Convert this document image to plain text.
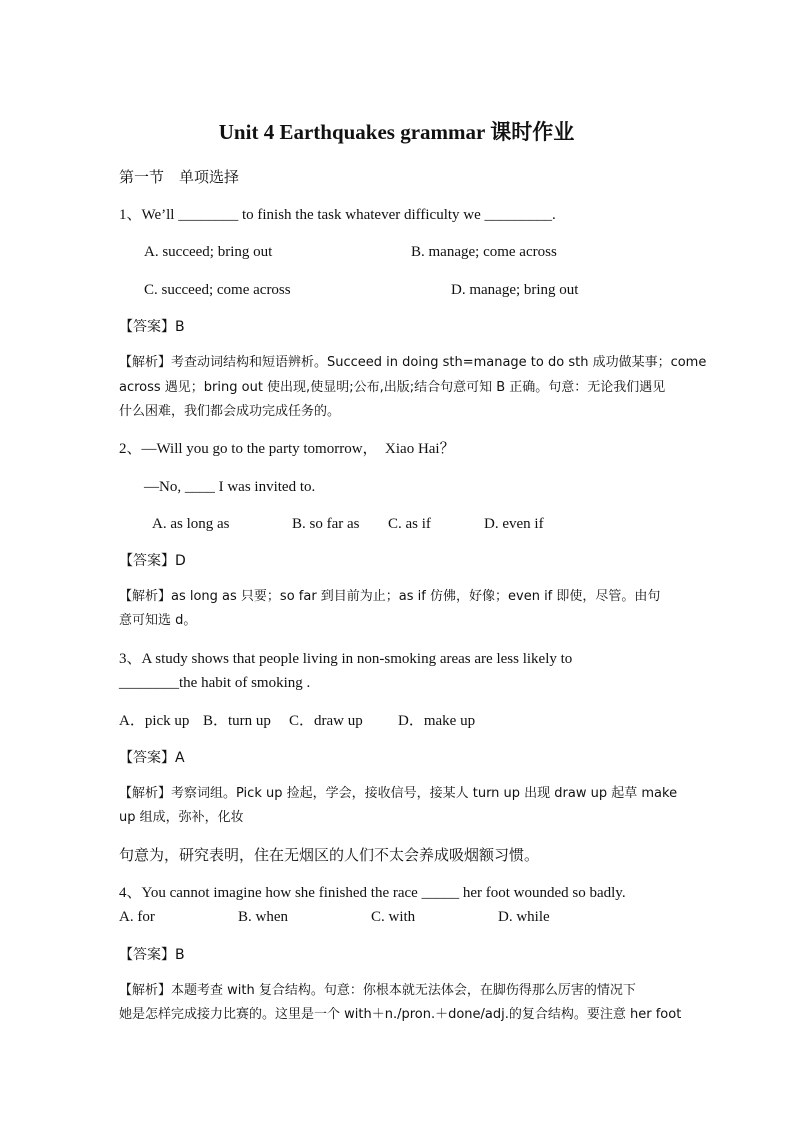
Unit 4 Earthquakes grammar 课时作业
第一节　单项选择
1、We’ll ________ to finish the task whatever difficulty we _________.
A. succeed; bring out	B. manage; come across
C. succeed; come across	D. manage; bring out
【答案】B
【解析】考查动词结构和短语辨析。Succeed in doing sth=manage to do sth 成功做某事；come
across 遇见；bring out 使出现,使显明;公布,出版;结合句意可知 B 正确。句意：无论我们遇见
什么困难，我们都会成功完成任务的。
2、—Will you go to the party tomorrow，　Xiao Hai？
—No, ____ I was invited to.
A. as long as	B. so far as C. as if	D. even if
【答案】D
【解析】as long as 只要；so far 到目前为止；as if 仿佛，好像；even if 即使，尽管。由句
意可知选 d。
3、A study shows that people living in non-smoking areas are less likely to
________the habit of smoking .
A．pick up B．turn up C．draw up D．make up
【答案】A
【解析】考察词组。Pick up 捡起，学会，接收信号，接某人 turn up 出现 draw up 起草 make
up 组成，弥补，化妆
句意为，研究表明，住在无烟区的人们不太会养成吸烟额习惯。
4、You cannot imagine how she finished the race _____ her foot wounded so badly.
A. for	B. when	C. with	D. while
【答案】B
【解析】本题考查 with 复合结构。句意：你根本就无法体会，在脚伤得那么厉害的情况下
她是怎样完成接力比赛的。这里是一个 with＋n./pron.＋done/adj.的复合结构。要注意 her foot
